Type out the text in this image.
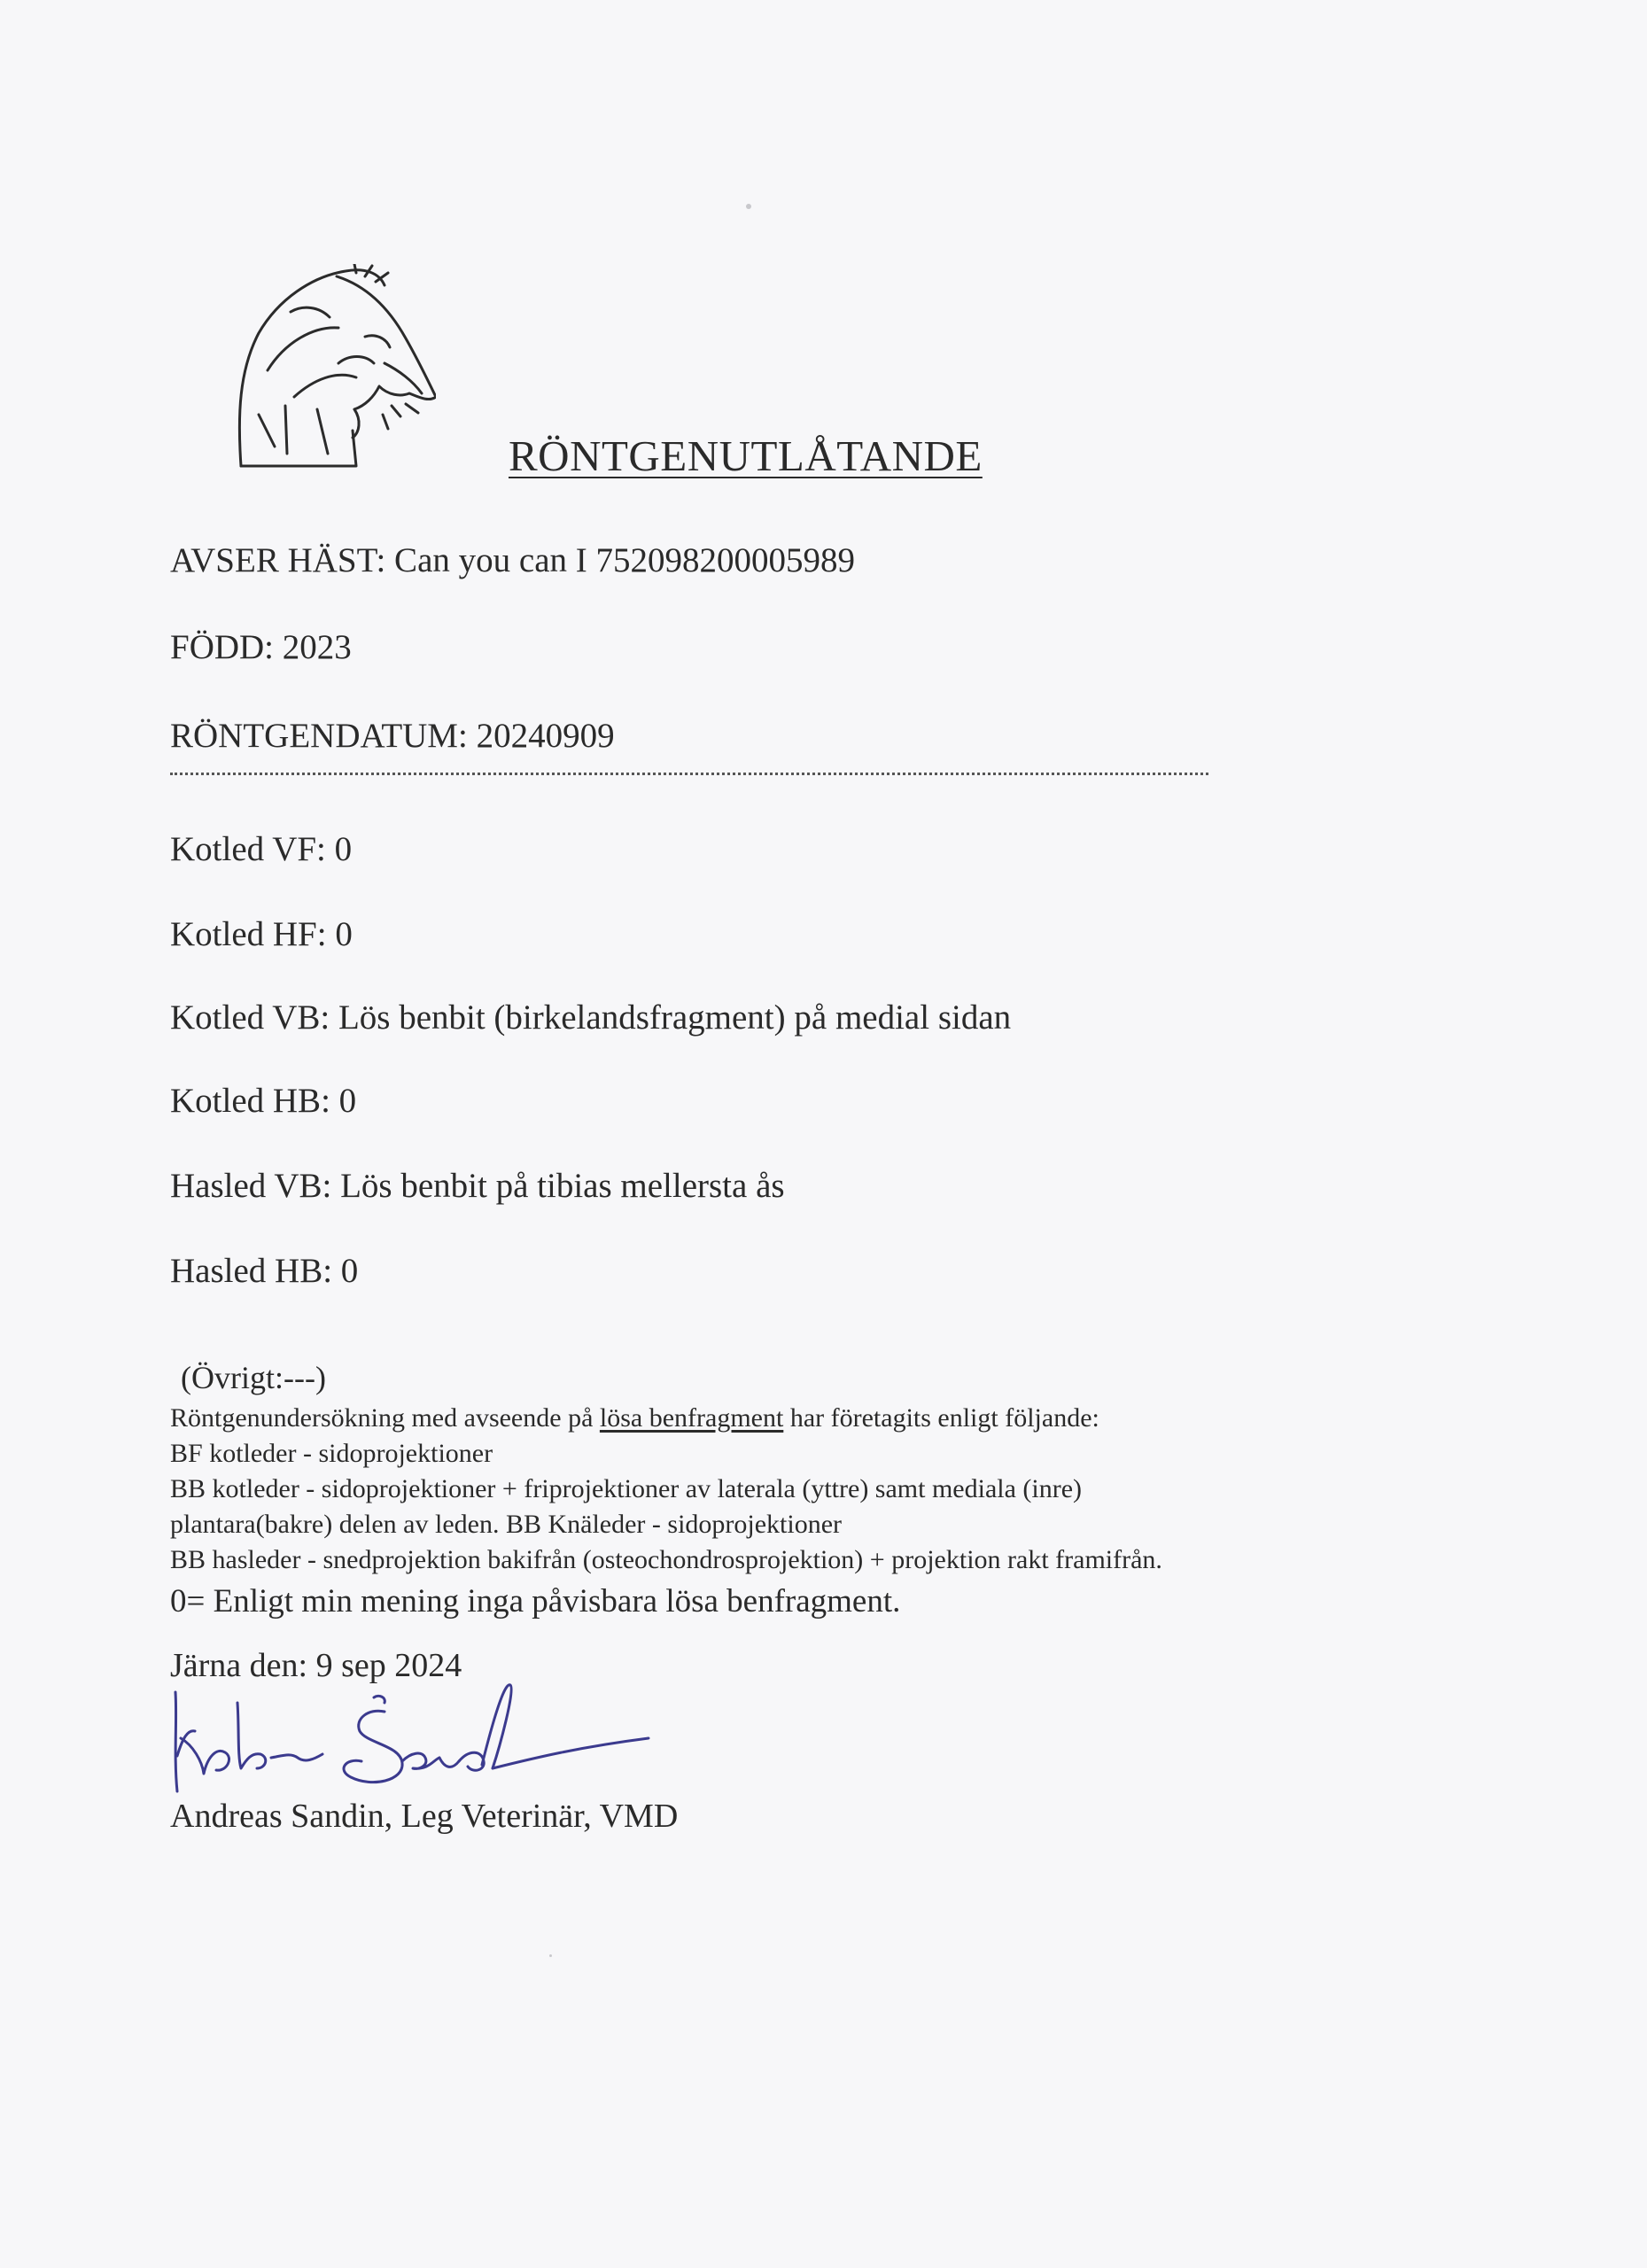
RÖNTGENUTLÅTANDE
AVSER HÄST: Can you can I 752098200005989
FÖDD: 2023
RÖNTGENDATUM: 20240909
Kotled VF: 0
Kotled HF: 0
Kotled VB: Lös benbit (birkelandsfragment) på medial sidan
Kotled HB: 0
Hasled VB: Lös benbit på tibias mellersta ås
Hasled HB: 0
(Övrigt:---)
Röntgenundersökning med avseende på lösa benfragment har företagits enligt följande:
BF kotleder - sidoprojektioner
BB kotleder - sidoprojektioner + friprojektioner av laterala (yttre) samt mediala (inre)
plantara(bakre) delen av leden. BB Knäleder - sidoprojektioner
BB hasleder - snedprojektion bakifrån (osteochondrosprojektion) + projektion rakt framifrån.
0= Enligt min mening inga påvisbara lösa benfragment.
Järna den: 9 sep 2024
Andreas Sandin, Leg Veterinär, VMD
